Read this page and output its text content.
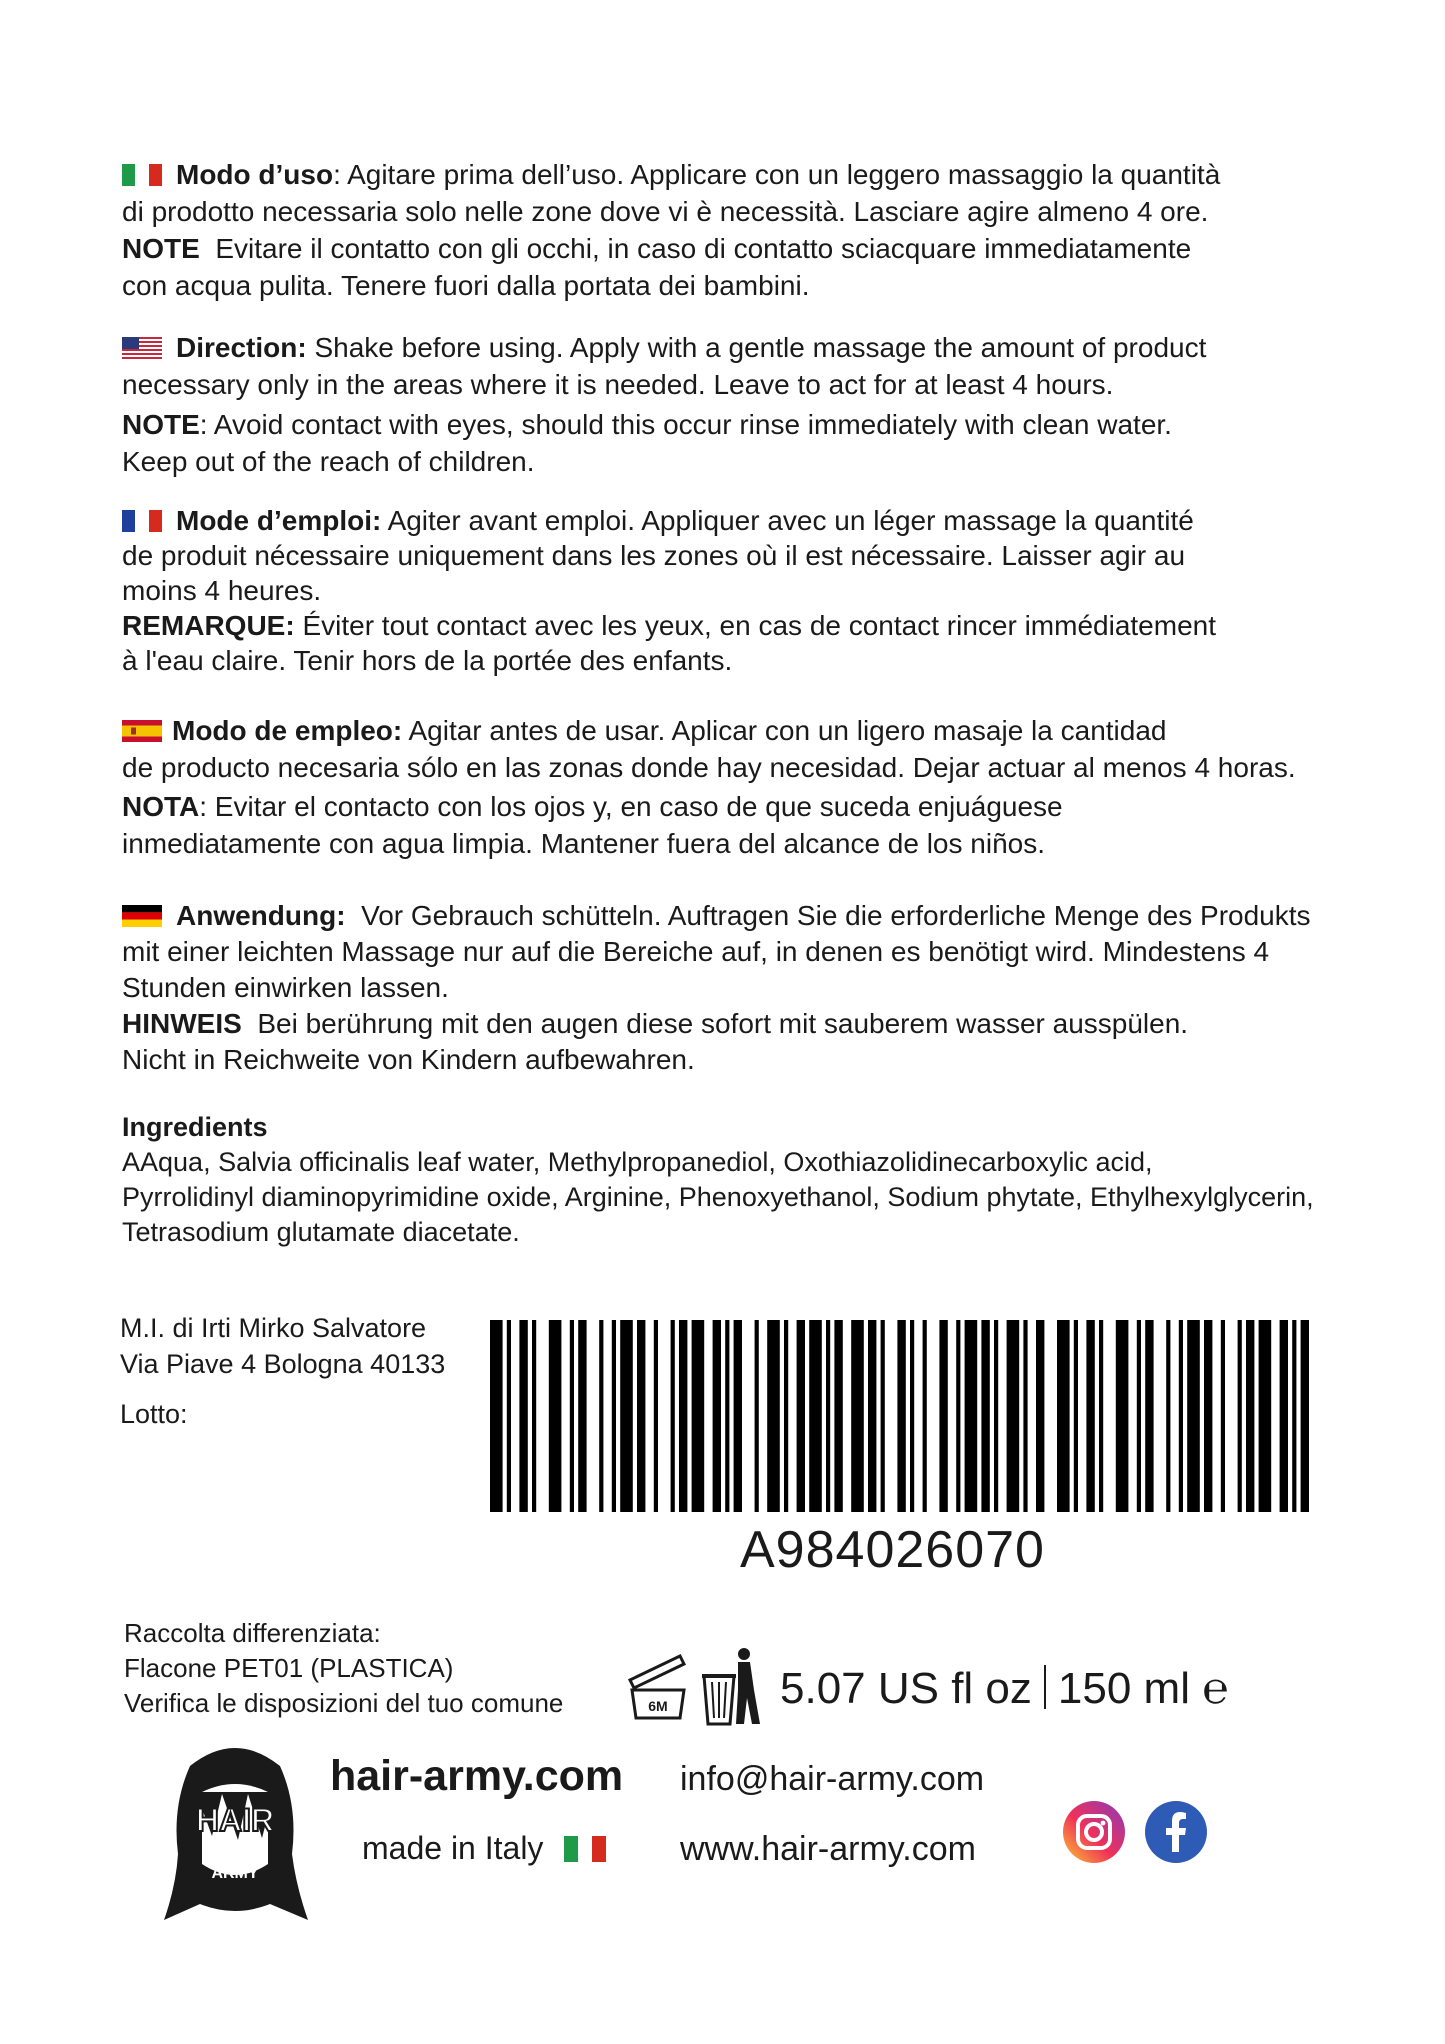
Modo d’uso: Agitare prima dell’uso. Applicare con un leggero massaggio la quantità

di prodotto necessaria solo nelle zone dove vi è necessità. Lasciare agire almeno 4 ore.

NOTE  Evitare il contatto con gli occhi, in caso di contatto sciacquare immediatamente

con acqua pulita. Tenere fuori dalla portata dei bambini.

Direction: Shake before using. Apply with a gentle massage the amount of product

necessary only in the areas where it is needed. Leave to act for at least 4 hours.

NOTE: Avoid contact with eyes, should this occur rinse immediately with clean water.

Keep out of the reach of children.

Mode d’emploi: Agiter avant emploi. Appliquer avec un léger massage la quantité

de produit nécessaire uniquement dans les zones où il est nécessaire. Laisser agir au

moins 4 heures.

REMARQUE: Éviter tout contact avec les yeux, en cas de contact rincer immédiatement

à l'eau claire. Tenir hors de la portée des enfants.

Modo de empleo: Agitar antes de usar. Aplicar con un ligero masaje la cantidad

de producto necesaria sólo en las zonas donde hay necesidad. Dejar actuar al menos 4 horas.

NOTA: Evitar el contacto con los ojos y, en caso de que suceda enjuáguese

inmediatamente con agua limpia. Mantener fuera del alcance de los niños.

Anwendung:  Vor Gebrauch schütteln. Auftragen Sie die erforderliche Menge des Produkts

mit einer leichten Massage nur auf die Bereiche auf, in denen es benötigt wird. Mindestens 4

Stunden einwirken lassen.

HINWEIS  Bei berührung mit den augen diese sofort mit sauberem wasser ausspülen.

Nicht in Reichweite von Kindern aufbewahren.

Ingredients

AAqua, Salvia officinalis leaf water, Methylpropanediol, Oxothiazolidinecarboxylic acid,

Pyrrolidinyl diaminopyrimidine oxide, Arginine, Phenoxyethanol, Sodium phytate, Ethylhexylglycerin,

Tetrasodium glutamate diacetate.

M.I. di Irti Mirko Salvatore
Via Piave 4 Bologna 40133
Lotto:
A984026070
Raccolta differenziata:
Flacone PET01 (PLASTICA)
Verifica le disposizioni del tuo comune	6M	5.07 US fl oz 150 ml ℮
HAIR
ARMY
hair-army.com
made in Italy
info@hair-army.com
www.hair-army.com
